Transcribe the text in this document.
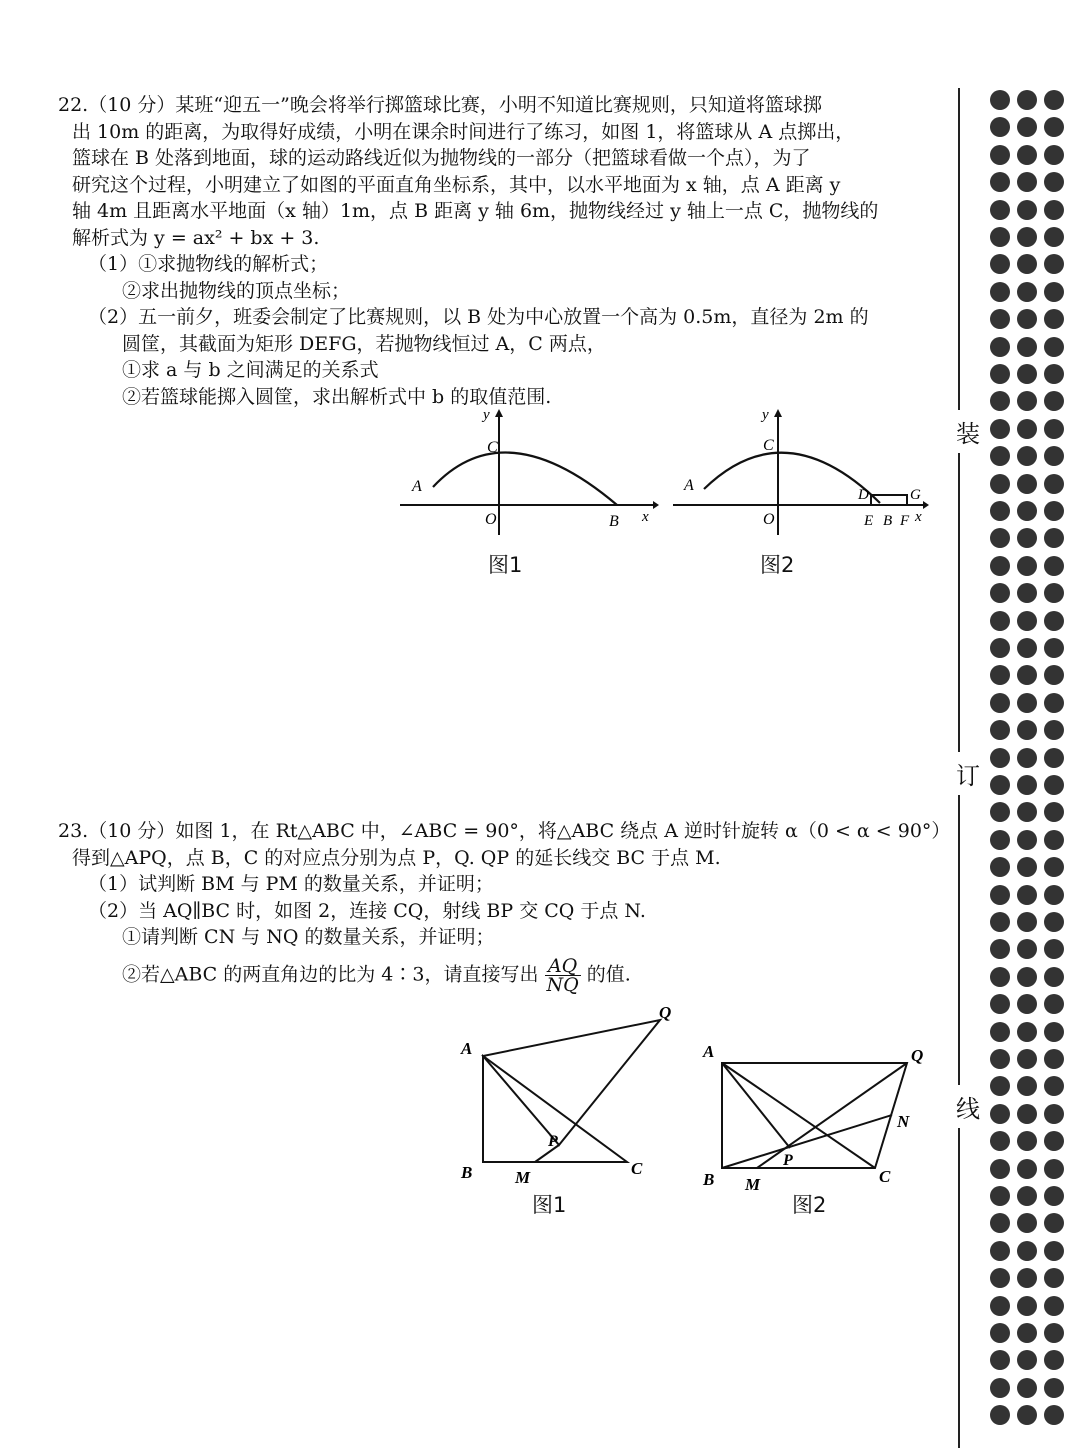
22.（10 分）某班“迎五一”晚会将举行掷篮球比赛，小明不知道比赛规则，只知道将篮球掷

出 10m 的距离，为取得好成绩，小明在课余时间进行了练习，如图 1，将篮球从 A 点掷出，

篮球在 B 处落到地面，球的运动路线近似为抛物线的一部分（把篮球看做一个点），为了

研究这个过程，小明建立了如图的平面直角坐标系，其中，以水平地面为 x 轴，点 A 距离 y

轴 4m 且距离水平地面（x 轴）1m，点 B 距离 y 轴 6m，抛物线经过 y 轴上一点 C，抛物线的

解析式为 y = ax² + bx + 3.

（1）①求抛物线的解析式；

②求出抛物线的顶点坐标；

（2）五一前夕，班委会制定了比赛规则，以 B 处为中心放置一个高为 0.5m，直径为 2m 的

圆筐，其截面为矩形 DEFG，若抛物线恒过 A，C 两点，

①求 a 与 b 之间满足的关系式

②若篮球能掷入圆筐，求出解析式中 b 的取值范围.

y
x
C
A
O	B
图1
y
x
C
A
O
D	G
E B F
图2

23.（10 分）如图 1，在 Rt△ABC 中，∠ABC = 90°，将△ABC 绕点 A 逆时针旋转 α（0 < α < 90°）

得到△APQ，点 B，C 的对应点分别为点 P，Q. QP 的延长线交 BC 于点 M.

（1）试判断 BM 与 PM 的数量关系，并证明；

（2）当 AQ∥BC 时，如图 2，连接 CQ，射线 BP 交 CQ 于点 N.

①请判断 CN 与 NQ 的数量关系，并证明；

②若△ABC 的两直角边的比为 4∶3，请直接写出 $\frac{AQ}{NQ}$ 的值.

A
Q
P
B	M	C
图1
A	Q
N
P
B M	C
图2
装
订
线
